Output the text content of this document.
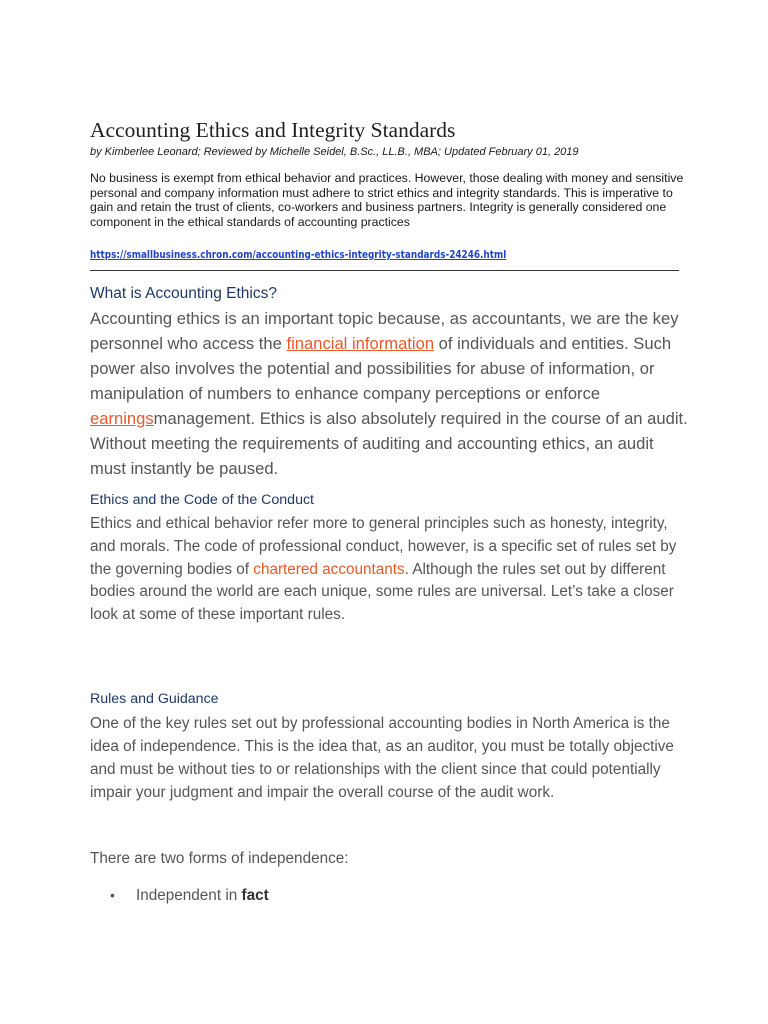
Accounting Ethics and Integrity Standards
by Kimberlee Leonard; Reviewed by Michelle Seidel, B.Sc., LL.B., MBA; Updated February 01, 2019

No business is exempt from ethical behavior and practices. However, those dealing with money and sensitive personal and company information must adhere to strict ethics and integrity standards. This is imperative to gain and retain the trust of clients, co-workers and business partners. Integrity is generally considered one component in the ethical standards of accounting practices

https://smallbusiness.chron.com/accounting-ethics-integrity-standards-24246.html
What is Accounting Ethics?

Accounting ethics is an important topic because, as accountants, we are the key personnel who access the financial information of individuals and entities. Such power also involves the potential and possibilities for abuse of information, or manipulation of numbers to enhance company perceptions or enforce earningsmanagement. Ethics is also absolutely required in the course of an audit. Without meeting the requirements of auditing and accounting ethics, an audit must instantly be paused.

Ethics and the Code of the Conduct

Ethics and ethical behavior refer more to general principles such as honesty, integrity, and morals. The code of professional conduct, however, is a specific set of rules set by the governing bodies of chartered accountants. Although the rules set out by different bodies around the world are each unique, some rules are universal. Let’s take a closer look at some of these important rules.

Rules and Guidance

One of the key rules set out by professional accounting bodies in North America is the idea of independence. This is the idea that, as an auditor, you must be totally objective and must be without ties to or relationships with the client since that could potentially impair your judgment and impair the overall course of the audit work.

There are two forms of independence:

• Independent in fact
